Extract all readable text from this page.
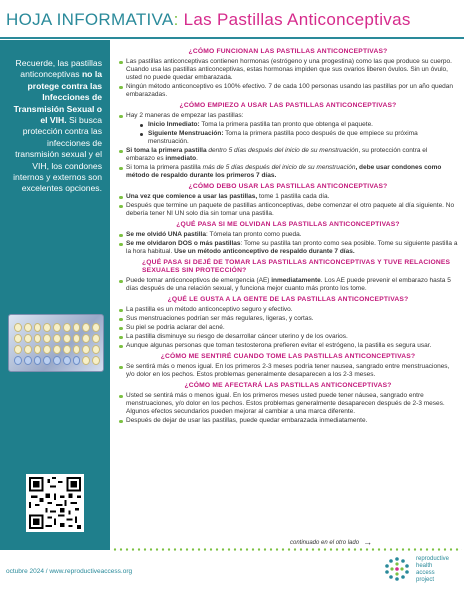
HOJA INFORMATIVA: Las Pastillas Anticonceptivas
Recuerde, las pastillas anticonceptivas no la protege contra las Infecciones de Transmisión Sexual o el VIH. Si busca protección contra las infecciones de transmisión sexual y el VIH, los condones internos y externos son excelentes opciones.
¿CÓMO FUNCIONAN LAS PASTILLAS ANTICONCEPTIVAS?
Las pastillas anticonceptivas contienen hormonas (estrógeno y una progestina) como las que produce su cuerpo. Cuando usa las pastillas anticonceptivas, estas hormonas impiden que sus ovarios liberen óvulos. Sin un óvulo, usted no puede quedar embarazada.
Ningún método anticonceptivo es 100% efectivo. 7 de cada 100 personas usando las pastillas por un año quedan embarazadas.
¿CÓMO EMPIEZO A USAR LAS PASTILLAS ANTICONCEPTIVAS?
Hay 2 maneras de empezar las pastillas:
Inicio Inmediato: Toma la primera pastilla tan pronto que obtenga el paquete.
Siguiente Menstruación: Toma la primera pastilla poco después de que empiece su próxima menstruación.
Si toma la primera pastilla dentro 5 días después del inicio de su menstruación, su protección contra el embarazo es inmediato.
Si toma la primera pastilla más de 5 días después del inicio de su menstruación, debe usar condones como método de respaldo durante los primeros 7 días.
¿CÓMO DEBO USAR LAS PASTILLAS ANTICONCEPTIVAS?
Una vez que comience a usar las pastillas, tome 1 pastilla cada día.
Después que termine un paquete de pastillas anticonceptivas, debe comenzar el otro paquete al día siguiente. No debería tener NI UN solo día sin tomar una pastilla.
¿QUÉ PASA SI ME OLVIDAN LAS PASTILLAS ANTICONCEPTIVAS?
Se me olvidó UNA pastilla: Tómela tan pronto como pueda.
Se me olvidaron DOS o más pastillas: Tome su pastilla tan pronto como sea posible. Tome su siguiente pastilla a la hora habitual. Use un método anticonceptivo de respaldo durante 7 días.
¿QUÉ PASA SI DEJÉ DE TOMAR LAS PASTILLAS ANTICONCEPTIVAS Y TUVE RELACIONES SEXUALES SIN PROTECCIÓN?
Puede tomar anticonceptivos de emergencia (AE) inmediatamente. Los AE puede prevenir el embarazo hasta 5 días después de una relación sexual, y funciona mejor cuanto más pronto los tome.
¿QUÉ LE GUSTA A LA GENTE DE LAS PASTILLAS ANTICONCEPTIVAS?
La pastilla es un método anticonceptivo seguro y efectivo.
Sus menstruaciones podrían ser más regulares, ligeras, y cortas.
Su piel se podría aclarar del acné.
La pastilla disminuye su riesgo de desarrollar cáncer uterino y de los ovarios.
Aunque algunas personas que toman testosterona prefieren evitar el estrógeno, la pastilla es segura usar.
¿CÓMO ME SENTIRÉ CUANDO TOME LAS PASTILLAS ANTICONCEPTIVAS?
Se sentirá más o menos igual. En los primeros 2-3 meses podría tener nausea, sangrado entre menstruaciones, y/o dolor en los pechos. Estos problemas generalmente desaparecen a los 2-3 meses.
¿CÓMO ME AFECTARÁ LAS PASTILLAS ANTICONCEPTIVAS?
Usted se sentirá más o menos igual. En los primeros meses usted puede tener náusea, sangrado entre menstruaciones, y/o dolor en los pechos. Estos problemas generalmente desaparecen después de 2-3 meses. Algunos efectos secundarios pueden mejorar al cambiar a una marca diferente.
Después de dejar de usar las pastillas, puede quedar embarazada inmediatamente.
continuado en el otro lado →
octubre 2024 / www.reproductiveaccess.org
reproductive
health
access
project
